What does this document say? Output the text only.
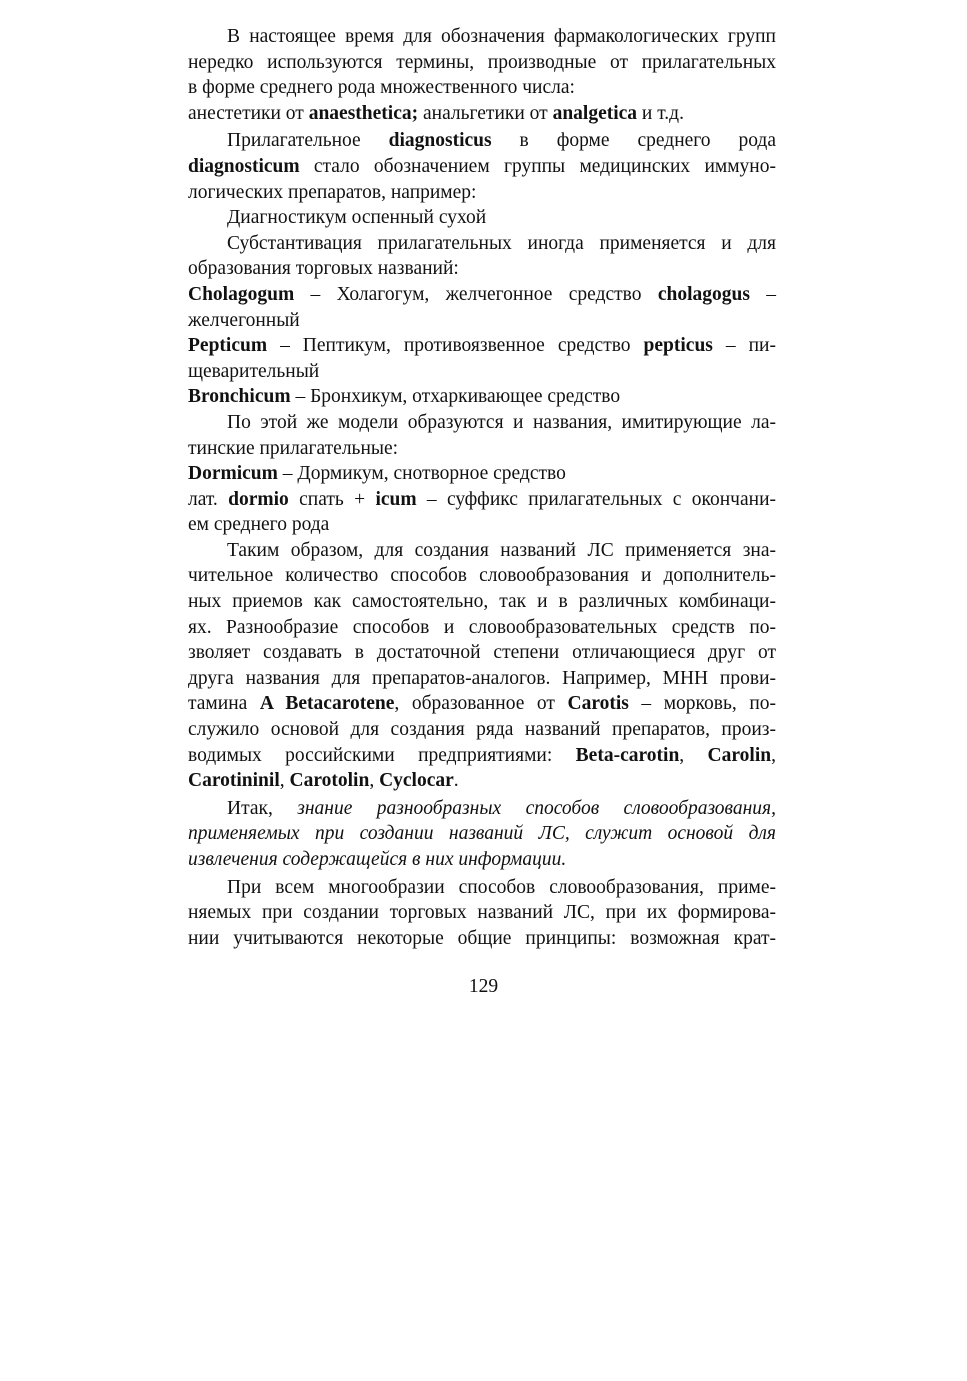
В настоящее время для обозначения фармакологических групп
нередко используются термины, производные от прилагательных
в форме среднего рода множественного числа:
анестетики от anaesthetica; анальгетики от analgetica и т.д.
Прилагательное diagnosticus в форме среднего рода
diagnosticum стало обозначением группы медицинских иммуно-
логических препаратов, например:
Диагностикум оспенный сухой
Субстантивация прилагательных иногда применяется и для
образования торговых названий:
Cholagogum – Холагогум, желчегонное средство cholagogus –
желчегонный
Pepticum – Пептикум, противоязвенное средство pepticus – пи-
щеварительный
Bronchicum – Бронхикум, отхаркивающее средство
По этой же модели образуются и названия, имитирующие ла-
тинские прилагательные:
Dormicum – Дормикум, снотворное средство
лат. dormio спать + icum – суффикс прилагательных с окончани-
ем среднего рода
Таким образом, для создания названий ЛС применяется зна-
чительное количество способов словообразования и дополнитель-
ных приемов как самостоятельно, так и в различных комбинаци-
ях. Разнообразие способов и словообразовательных средств по-
зволяет создавать в достаточной степени отличающиеся друг от
друга названия для препаратов-аналогов. Например, МНН прови-
тамина A Betacarotene, образованное от Carotis – морковь, по-
служило основой для создания ряда названий препаратов, произ-
водимых российскими предприятиями: Beta-carotin, Carolin,
Carotininil, Carotolin, Cyclocar.
Итак, знание разнообразных способов словообразования,
применяемых при создании названий ЛС, служит основой для
извлечения содержащейся в них информации.
При всем многообразии способов словообразования, приме-
няемых при создании торговых названий ЛС, при их формирова-
нии учитываются некоторые общие принципы: возможная крат-
129
